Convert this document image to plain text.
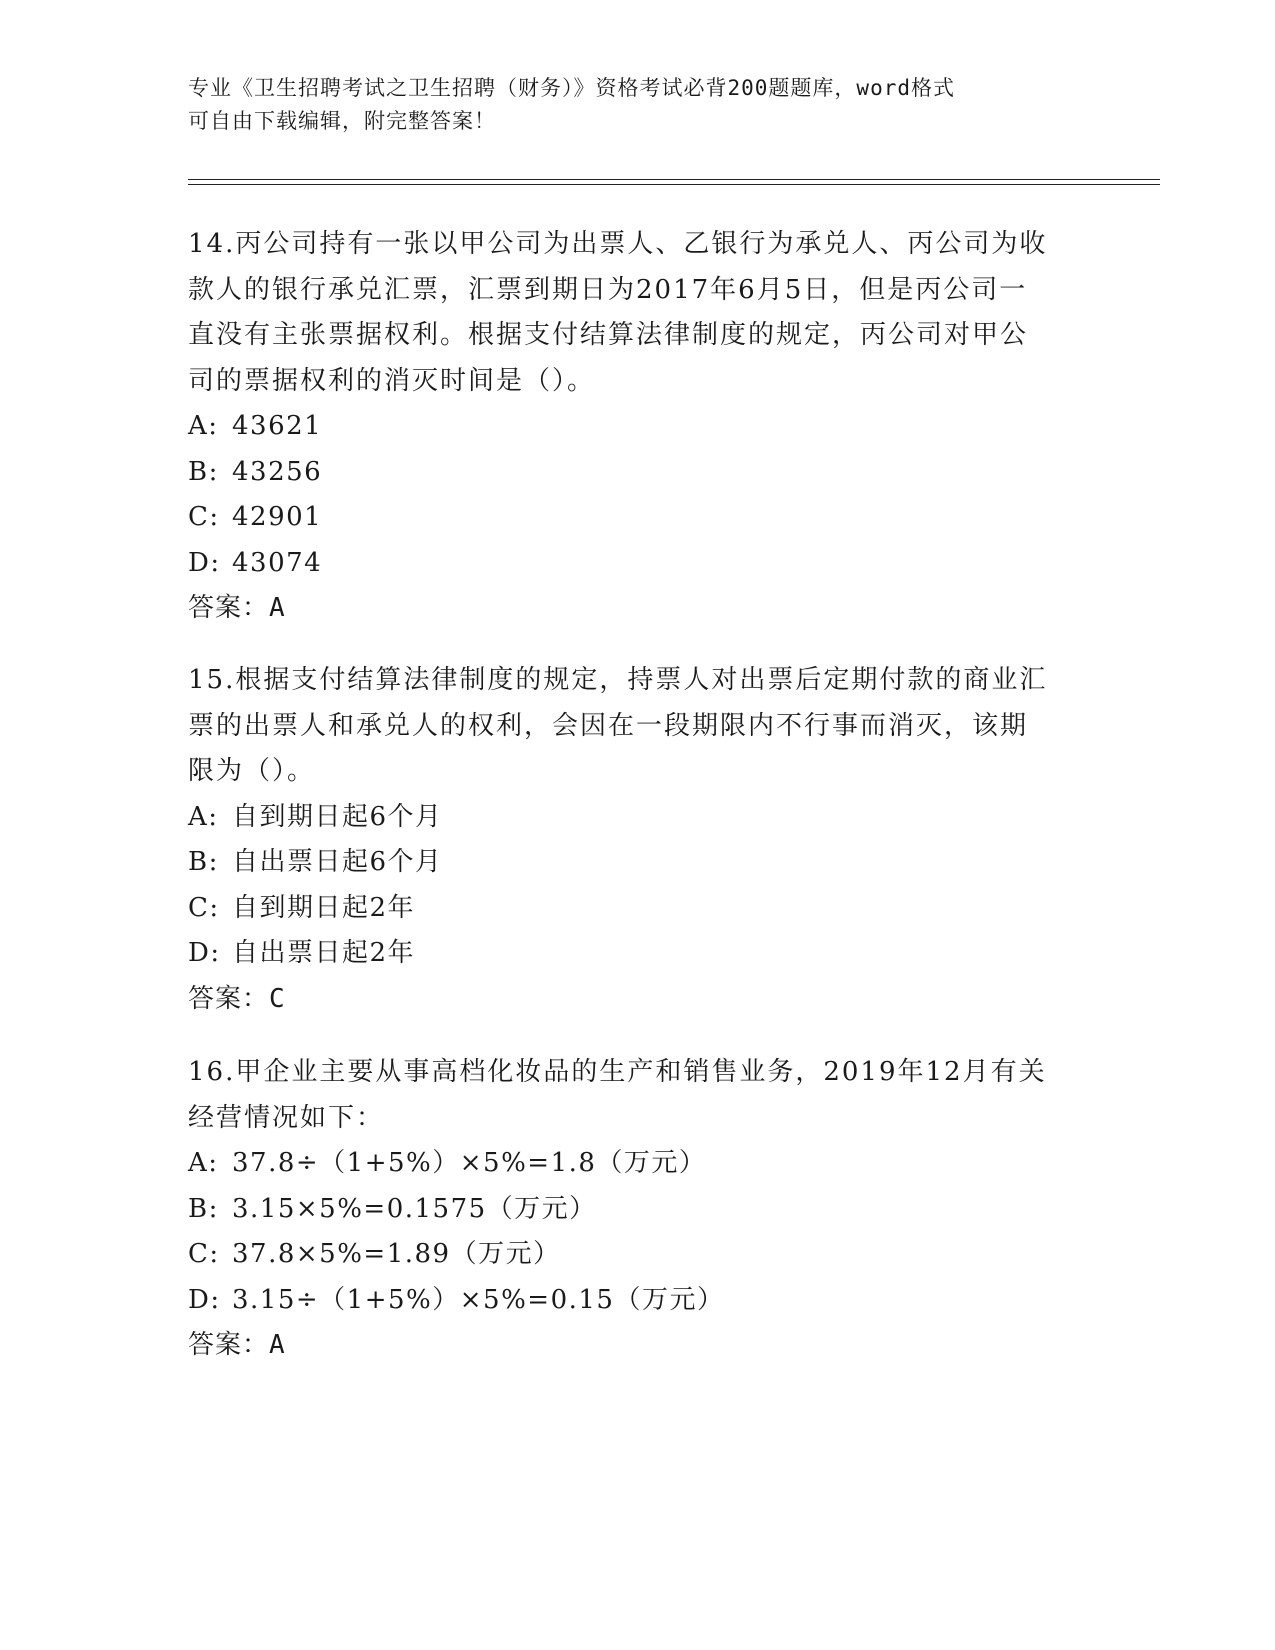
专业《卫生招聘考试之卫生招聘（财务）》资格考试必背200题题库，word格式
可自由下载编辑，附完整答案！
14.丙公司持有一张以甲公司为出票人、乙银行为承兑人、丙公司为收
款人的银行承兑汇票，汇票到期日为2017年6月5日，但是丙公司一
直没有主张票据权利。根据支付结算法律制度的规定，丙公司对甲公
司的票据权利的消灭时间是（）。
A: 43621
B: 43256
C: 42901
D: 43074
答案：A
15.根据支付结算法律制度的规定，持票人对出票后定期付款的商业汇
票的出票人和承兑人的权利，会因在一段期限内不行事而消灭，该期
限为（）。
A: 自到期日起6个月
B: 自出票日起6个月
C: 自到期日起2年
D: 自出票日起2年
答案：C
16.甲企业主要从事高档化妆品的生产和销售业务，2019年12月有关
经营情况如下：
A: 37.8÷（1+5%）×5%=1.8（万元）
B: 3.15×5%=0.1575（万元）
C: 37.8×5%=1.89（万元）
D: 3.15÷（1+5%）×5%=0.15（万元）
答案：A
